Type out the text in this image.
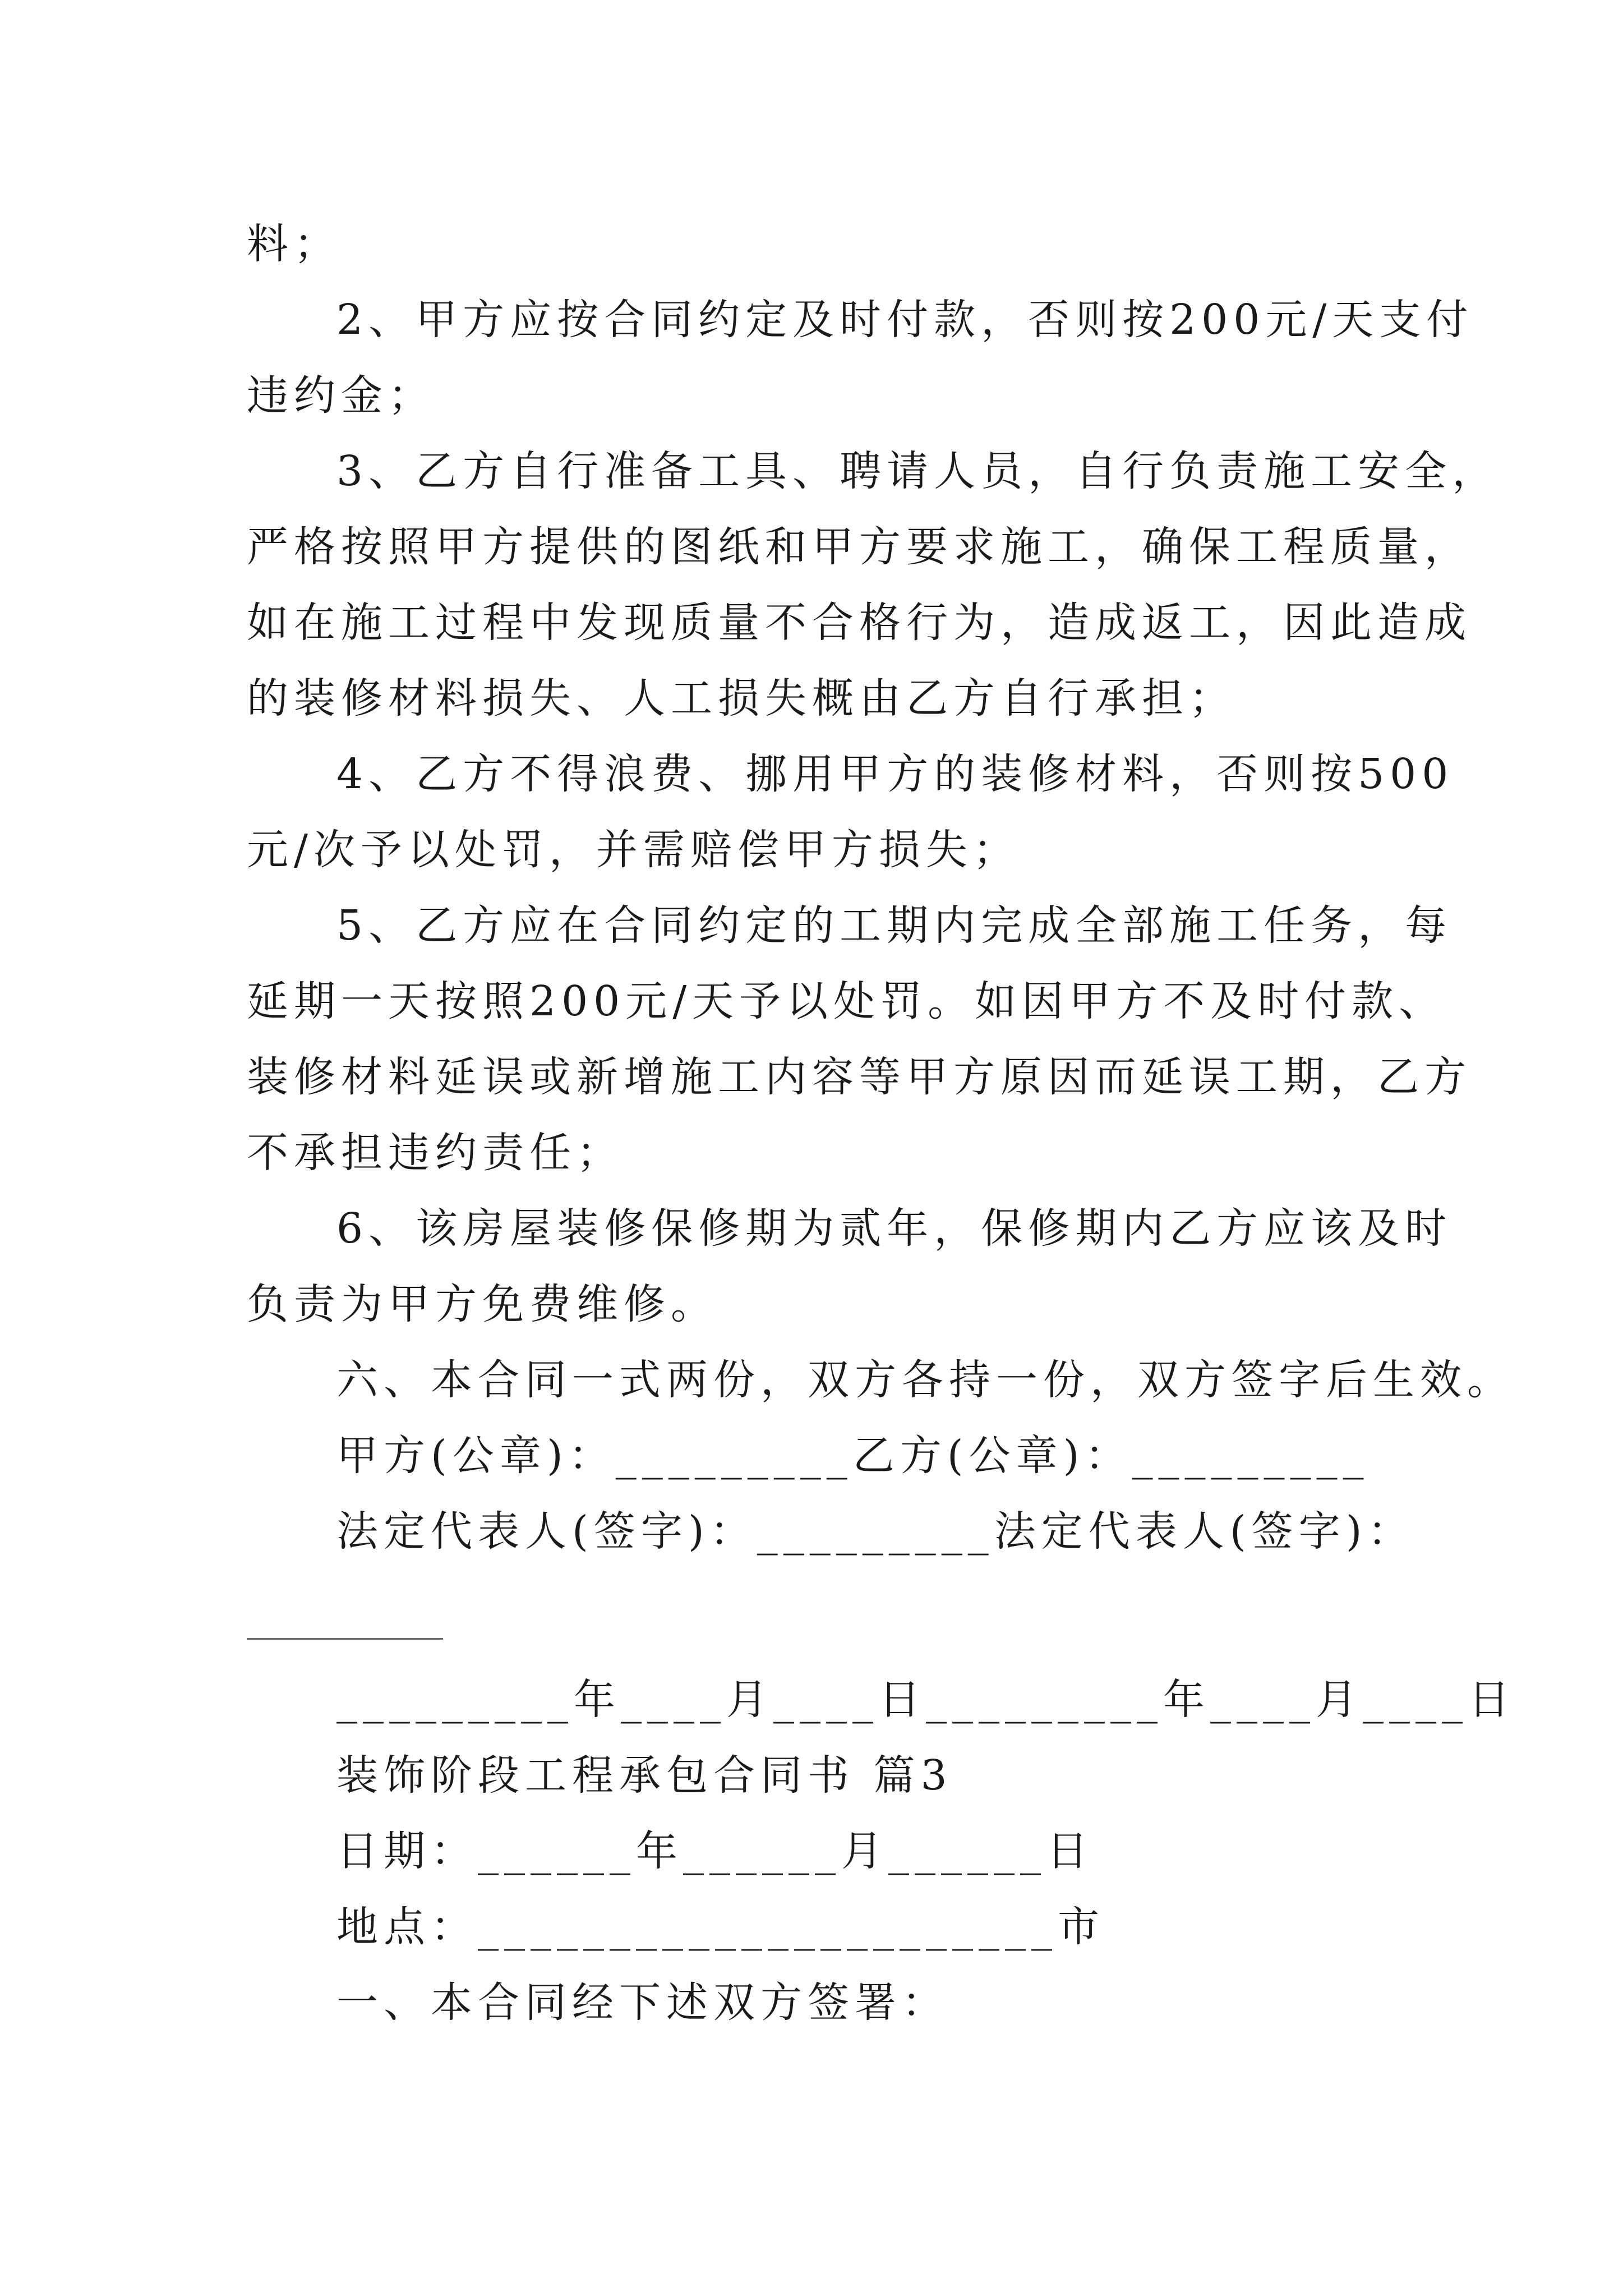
料；
2、甲方应按合同约定及时付款，否则按200元/天支付
违约金；
3、乙方自行准备工具、聘请人员，自行负责施工安全，
严格按照甲方提供的图纸和甲方要求施工，确保工程质量，
如在施工过程中发现质量不合格行为，造成返工，因此造成
的装修材料损失、人工损失概由乙方自行承担；
4、乙方不得浪费、挪用甲方的装修材料，否则按500
元/次予以处罚，并需赔偿甲方损失；
5、乙方应在合同约定的工期内完成全部施工任务，每
延期一天按照200元/天予以处罚。如因甲方不及时付款、
装修材料延误或新增施工内容等甲方原因而延误工期，乙方
不承担违约责任；
6、该房屋装修保修期为贰年，保修期内乙方应该及时
负责为甲方免费维修。
六、本合同一式两份，双方各持一份，双方签字后生效。
甲方(公章)：_________乙方(公章)：_________
法定代表人(签字)：_________法定代表人(签字)：
_________年____月____日_________年____月____日
装饰阶段工程承包合同书 篇3
日期：______年______月______日
地点：______________________市
一、本合同经下述双方签署：
